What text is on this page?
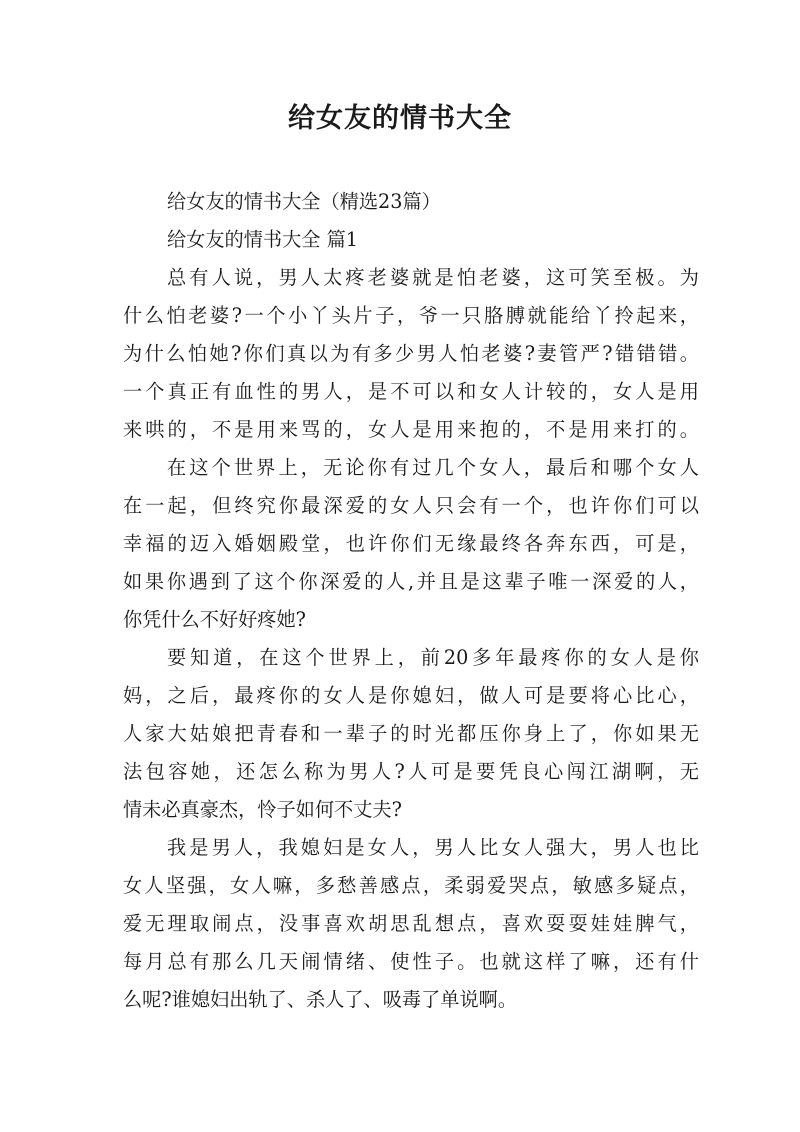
给女友的情书大全

给女友的情书大全（精选23篇）

给女友的情书大全 篇1

总有人说，男人太疼老婆就是怕老婆，这可笑至极。为

什么怕老婆?一个小丫头片子，爷一只胳膊就能给丫拎起来，

为什么怕她?你们真以为有多少男人怕老婆?妻管严?错错错。

一个真正有血性的男人，是不可以和女人计较的，女人是用

来哄的，不是用来骂的，女人是用来抱的，不是用来打的。

在这个世界上，无论你有过几个女人，最后和哪个女人

在一起，但终究你最深爱的女人只会有一个，也许你们可以

幸福的迈入婚姻殿堂，也许你们无缘最终各奔东西，可是，

如果你遇到了这个你深爱的人,并且是这辈子唯一深爱的人，

你凭什么不好好疼她?

要知道，在这个世界上，前20多年最疼你的女人是你

妈，之后，最疼你的女人是你媳妇，做人可是要将心比心，

人家大姑娘把青春和一辈子的时光都压你身上了，你如果无

法包容她，还怎么称为男人?人可是要凭良心闯江湖啊，无

情未必真豪杰，怜子如何不丈夫?

我是男人，我媳妇是女人，男人比女人强大，男人也比

女人坚强，女人嘛，多愁善感点，柔弱爱哭点，敏感多疑点，

爱无理取闹点，没事喜欢胡思乱想点，喜欢耍耍娃娃脾气，

每月总有那么几天闹情绪、使性子。也就这样了嘛，还有什

么呢?谁媳妇出轨了、杀人了、吸毒了单说啊。
